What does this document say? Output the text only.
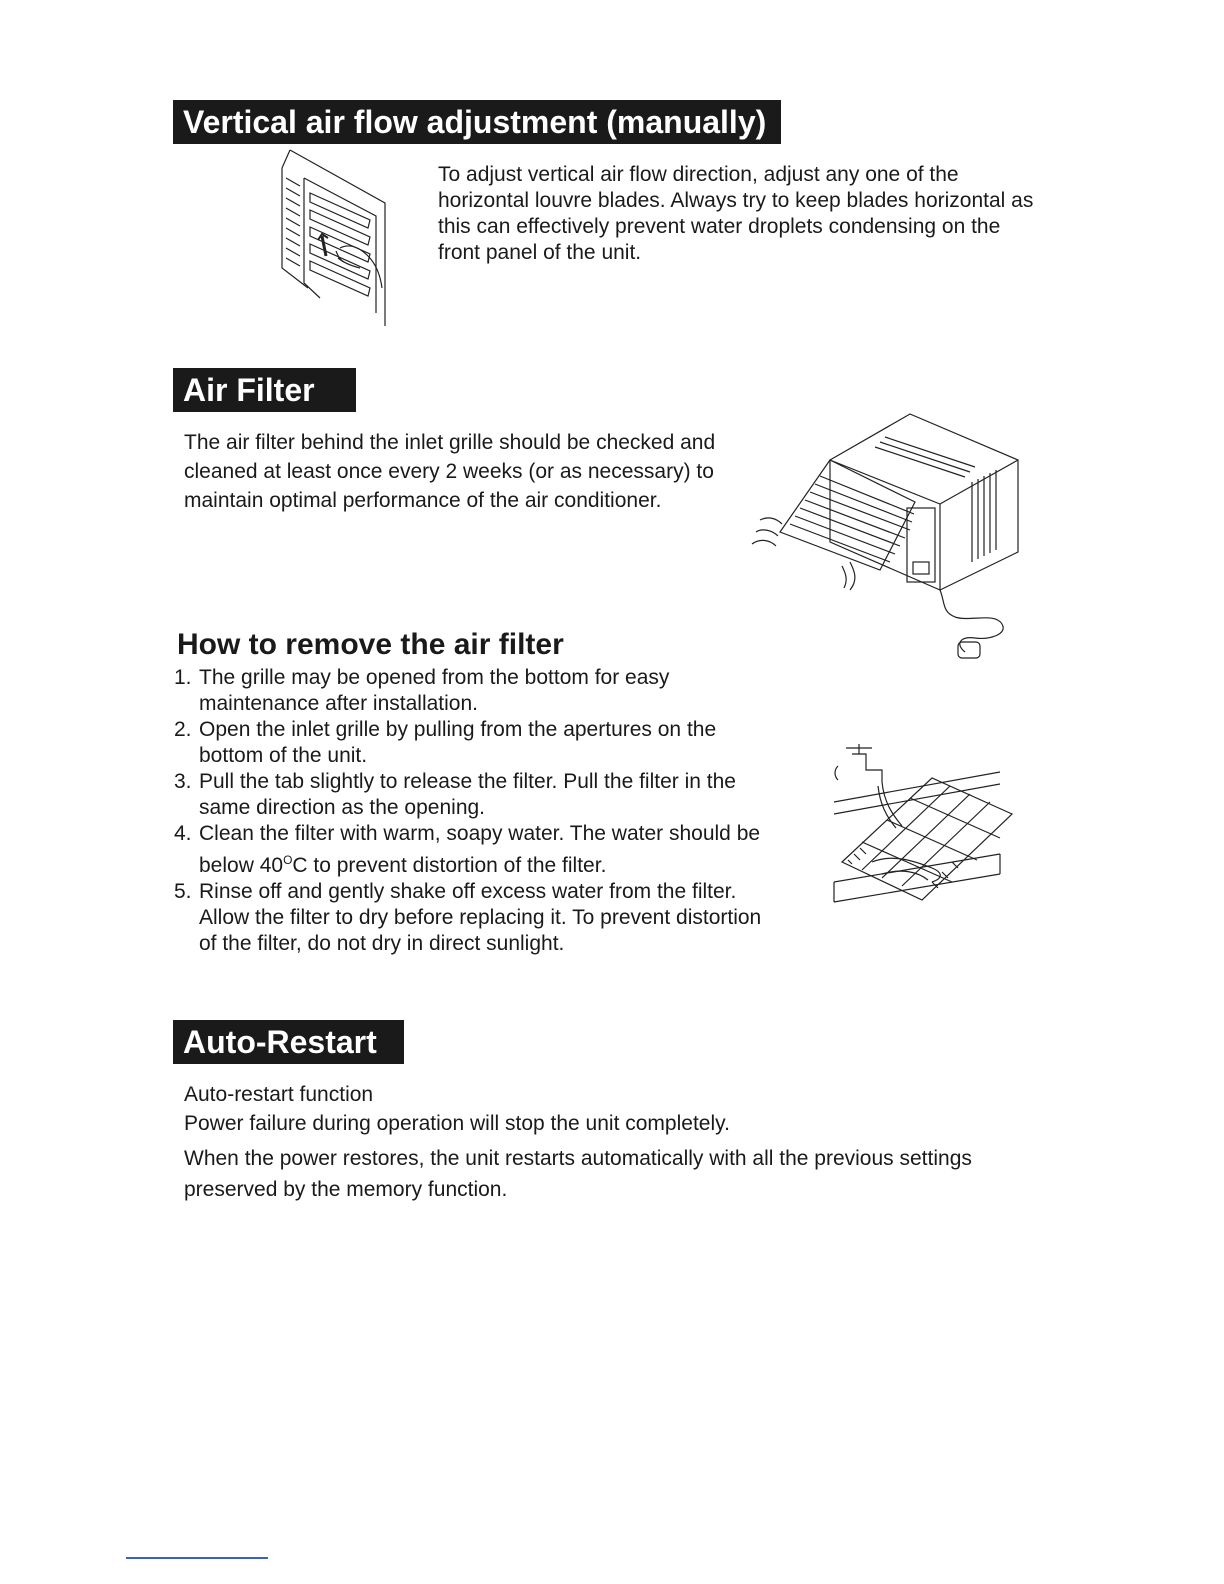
Vertical air flow adjustment (manually)

To adjust vertical air flow direction, adjust any one of the horizontal louvre blades. Always try to keep blades horizontal as this can effectively prevent water droplets condensing on the front panel of the unit.

Air Filter

The air filter behind the inlet grille should be checked and cleaned at least once every 2 weeks (or as necessary) to maintain optimal performance of the air conditioner.

How to remove the air filter
1. The grille may be opened from the bottom for easy maintenance after installation.
2. Open the inlet grille by pulling from the apertures on the bottom of the unit.
3. Pull the tab slightly to release the filter. Pull the filter in the same direction as the opening.
4. Clean the filter with warm, soapy water. The water should be below $40^OC$ to prevent distortion of the filter.
5. Rinse off and gently shake off excess water from the filter. Allow the filter to dry before replacing it. To prevent distortion of the filter, do not dry in direct sunlight.
Auto-Restart

Auto-restart function

Power failure during operation will stop the unit completely.

When the power restores, the unit restarts automatically with all the previous settings preserved by the memory function.
